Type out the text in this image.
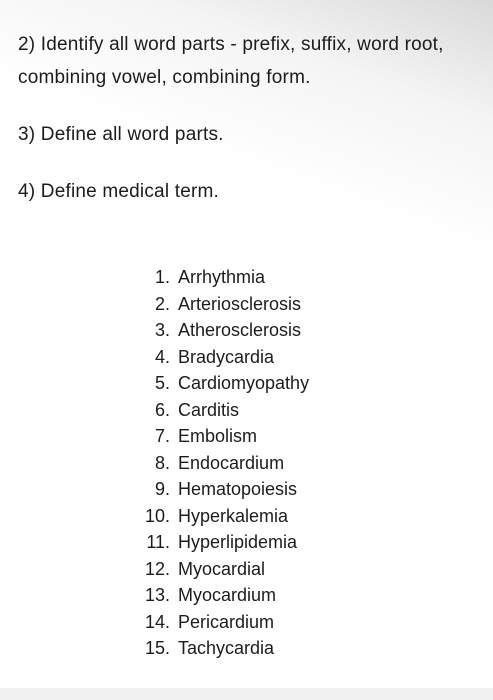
2) Identify all word parts - prefix, suffix, word root, combining vowel, combining form.

3) Define all word parts.

4) Define medical term.

1. Arrhythmia
2. Arteriosclerosis
3. Atherosclerosis
4. Bradycardia
5. Cardiomyopathy
6. Carditis
7. Embolism
8. Endocardium
9. Hematopoiesis
10. Hyperkalemia
11. Hyperlipidemia
12. Myocardial
13. Myocardium
14. Pericardium
15. Tachycardia
